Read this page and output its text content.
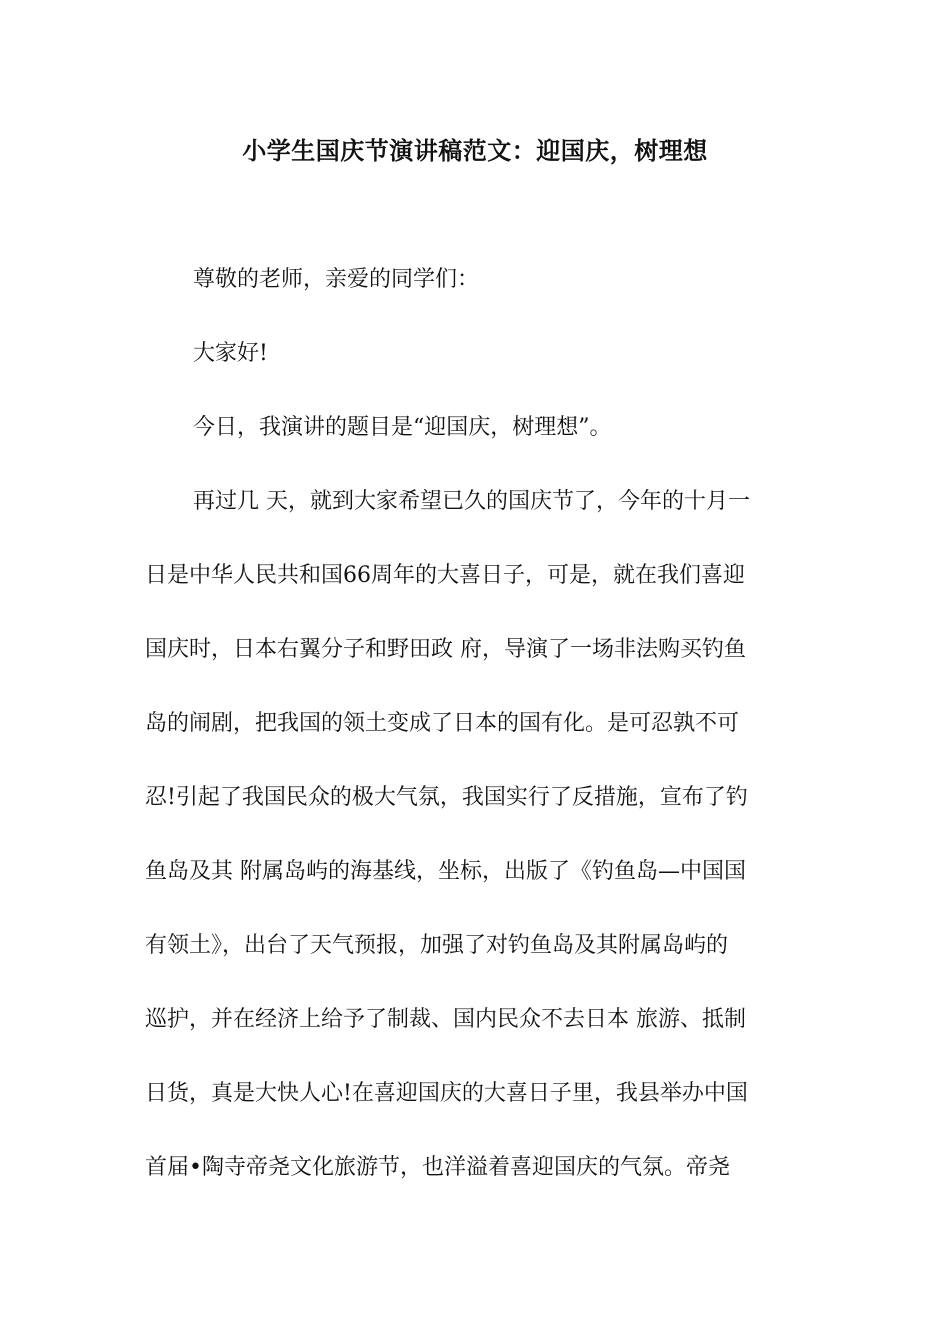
小学生国庆节演讲稿范文：迎国庆，树理想

尊敬的老师，亲爱的同学们：

大家好!

今日，我演讲的题目是“迎国庆，树理想”。

再过几 天，就到大家希望已久的国庆节了，今年的十月一

日是中华人民共和国66周年的大喜日子，可是，就在我们喜迎

国庆时，日本右翼分子和野田政 府，导演了一场非法购买钓鱼

岛的闹剧，把我国的领土变成了日本的国有化。是可忍孰不可

忍!引起了我国民众的极大气氛，我国实行了反措施，宣布了钓

鱼岛及其 附属岛屿的海基线，坐标，出版了《钓鱼岛—中国国

有领土》，出台了天气预报，加强了对钓鱼岛及其附属岛屿的

巡护，并在经济上给予了制裁、国内民众不去日本 旅游、抵制

日货，真是大快人心!在喜迎国庆的大喜日子里，我县举办中国

首届•陶寺帝尧文化旅游节，也洋溢着喜迎国庆的气氛。帝尧
